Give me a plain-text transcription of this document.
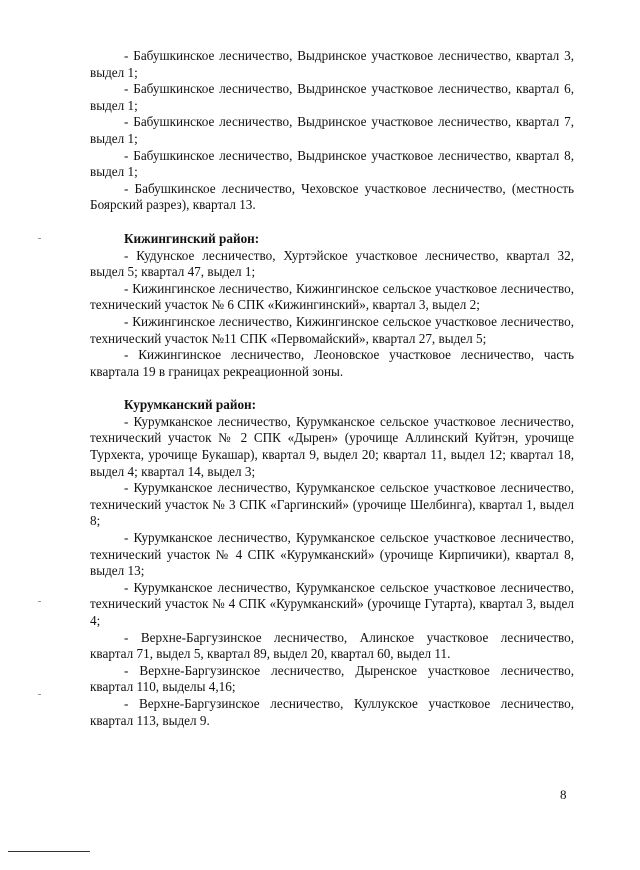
- Бабушкинское лесничество, Выдринское участковое лесничество, квартал 3, выдел 1;

- Бабушкинское лесничество, Выдринское участковое лесничество, квартал 6, выдел 1;

- Бабушкинское лесничество, Выдринское участковое лесничество, квартал 7, выдел 1;

- Бабушкинское лесничество, Выдринское участковое лесничество, квартал 8, выдел 1;

- Бабушкинское лесничество, Чеховское участковое лесничество, (местность Боярский разрез), квартал 13.

Кижингинский район:

- Кудунское лесничество, Хуртэйское участковое лесничество, квартал 32, выдел 5; квартал 47, выдел 1;

- Кижингинское лесничество, Кижингинское сельское участковое лесничество, технический участок № 6 СПК «Кижингинский», квартал 3, выдел 2;

- Кижингинское лесничество, Кижингинское сельское участковое лесничество, технический участок №11 СПК «Первомайский», квартал 27, выдел 5;

- Кижингинское лесничество, Леоновское участковое лесничество, часть квартала 19 в границах рекреационной зоны.

Курумканский район:

- Курумканское лесничество, Курумканское сельское участковое лесничество, технический участок № 2 СПК «Дырен» (урочище Аллинский Куйтэн, урочище Турхекта, урочище Букашар), квартал 9, выдел 20; квартал 11, выдел 12; квартал 18, выдел 4; квартал 14, выдел 3;

- Курумканское лесничество, Курумканское сельское участковое лесничество, технический участок № 3 СПК «Гаргинский» (урочище Шелбинга), квартал 1, выдел 8;

- Курумканское лесничество, Курумканское сельское участковое лесничество, технический участок № 4 СПК «Курумканский» (урочище Кирпичики), квартал 8, выдел 13;

- Курумканское лесничество, Курумканское сельское участковое лесничество, технический участок № 4 СПК «Курумканский» (урочище Гутарта), квартал 3, выдел 4;

- Верхне-Баргузинское лесничество, Алинское участковое лесничество, квартал 71, выдел 5, квартал 89, выдел 20, квартал 60, выдел 11.

- Верхне-Баргузинское лесничество, Дыренское участковое лесничество, квартал 110, выделы 4,16;

- Верхне-Баргузинское лесничество, Куллукское участковое лесничество, квартал 113, выдел 9.

8
